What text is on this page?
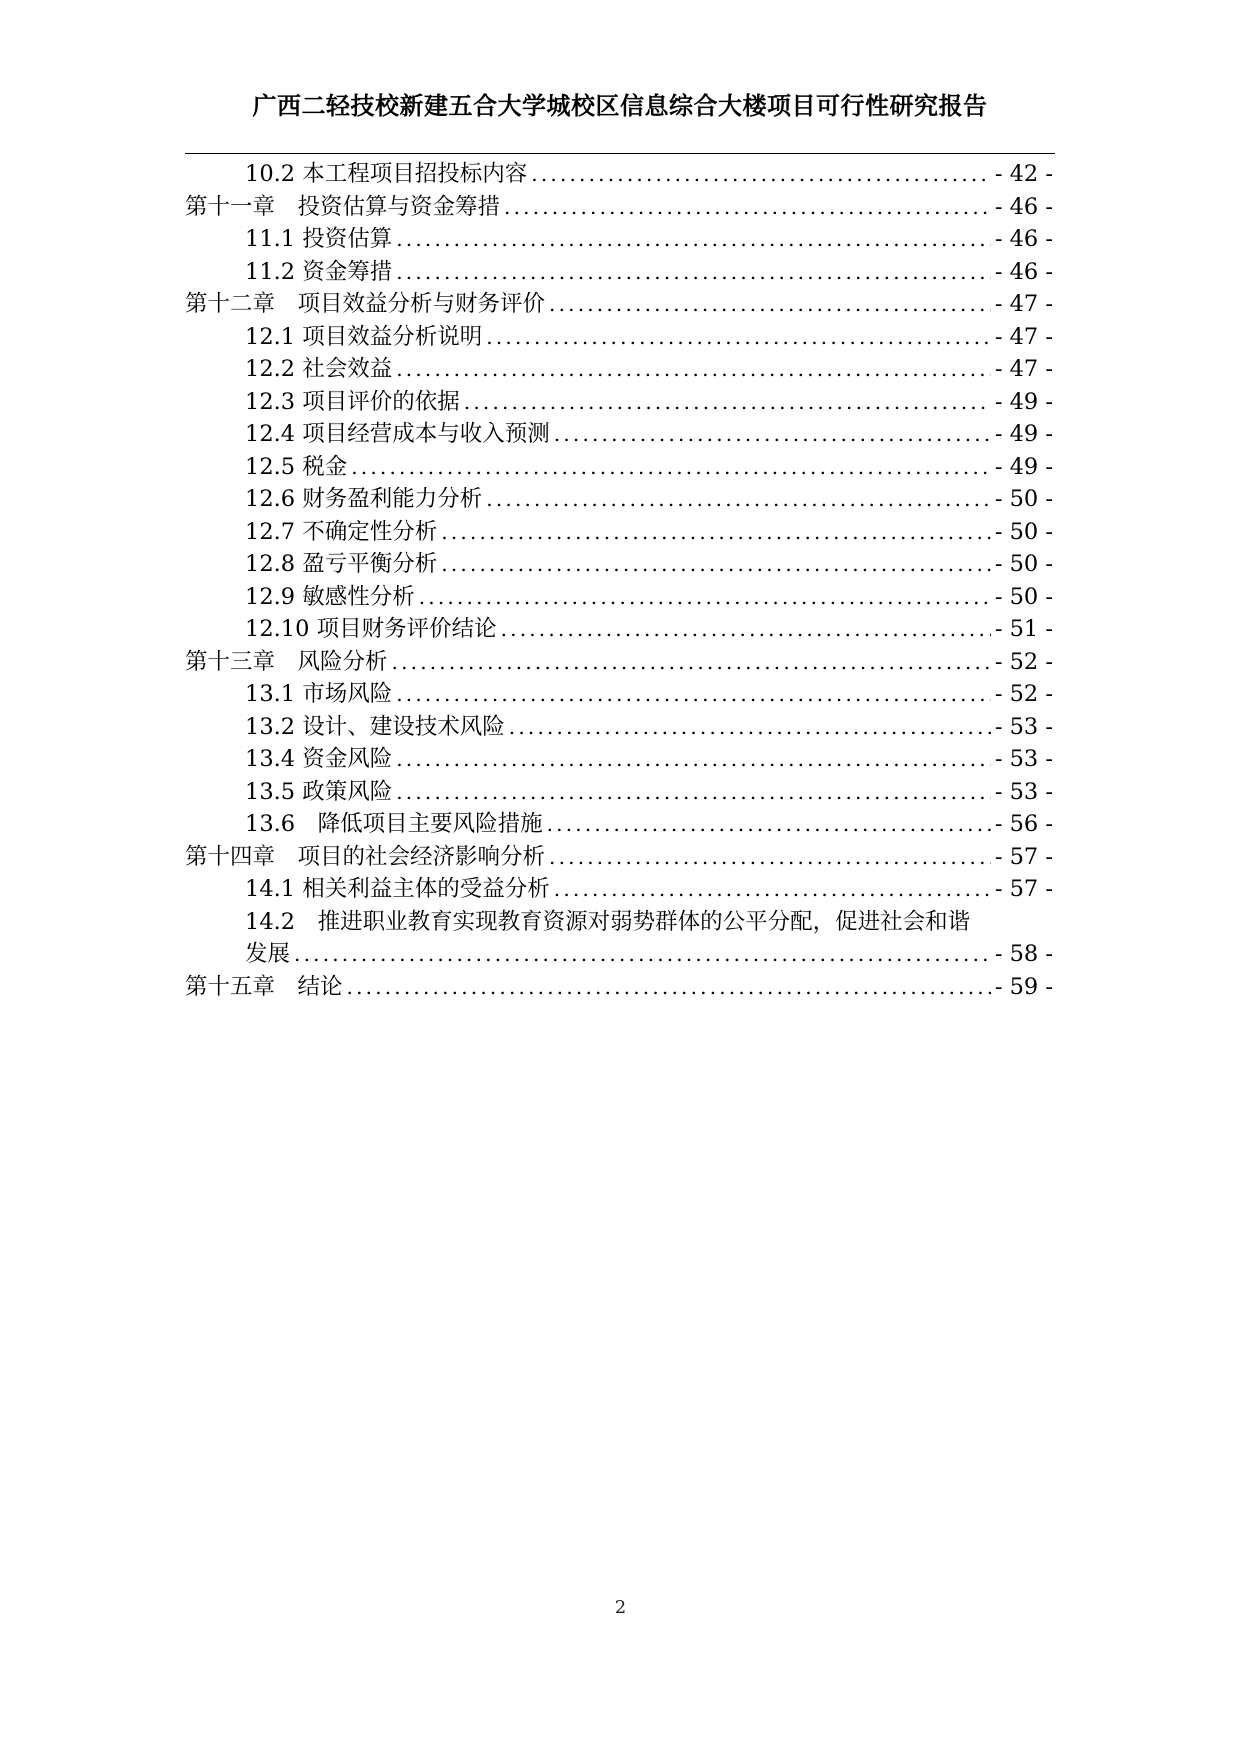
广西二轻技校新建五合大学城校区信息综合大楼项目可行性研究报告
10.2 本工程项目招投标内容 .....	- 42 -
第十一章　投资估算与资金筹措 .....	- 46 -
11.1 投资估算 .....	- 46 -
11.2 资金筹措 .....	- 46 -
第十二章　项目效益分析与财务评价 .....	- 47 -
12.1 项目效益分析说明 .....	- 47 -
12.2 社会效益 .....	- 47 -
12.3 项目评价的依据 .....	- 49 -
12.4 项目经营成本与收入预测 .....	- 49 -
12.5 税金 .....	- 49 -
12.6 财务盈利能力分析 .....	- 50 -
12.7 不确定性分析 .....	- 50 -
12.8 盈亏平衡分析 .....	- 50 -
12.9 敏感性分析 .....	- 50 -
12.10 项目财务评价结论 .....	- 51 -
第十三章　风险分析 .....	- 52 -
13.1 市场风险 .....	- 52 -
13.2 设计、建设技术风险 .....	- 53 -
13.4 资金风险 .....	- 53 -
13.5 政策风险 .....	- 53 -
13.6　降低项目主要风险措施 .....	- 56 -
第十四章　项目的社会经济影响分析 .....	- 57 -
14.1 相关利益主体的受益分析 .....	- 57 -
14.2　推进职业教育实现教育资源对弱势群体的公平分配，促进社会和谐
发展 .....	- 58 -
第十五章　结论 .....	- 59 -
2
